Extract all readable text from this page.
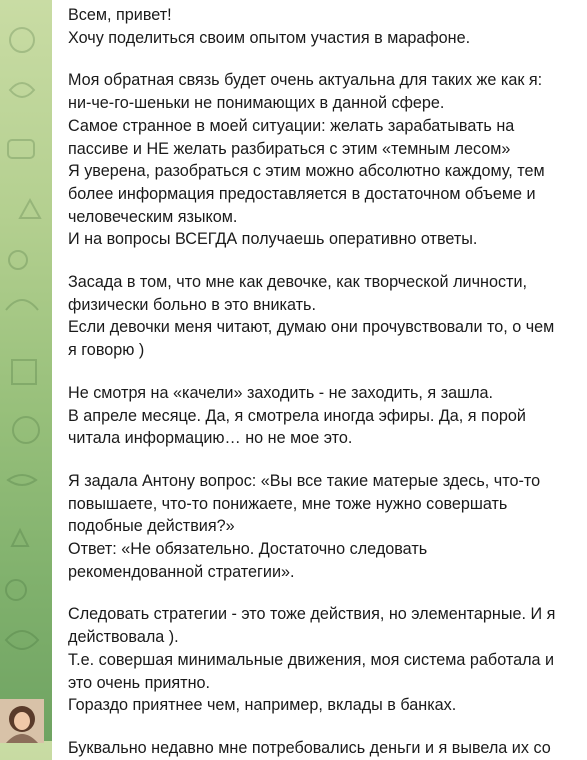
Всем, привет!
Хочу поделиться своим опытом участия в марафоне.
Моя обратная связь будет очень актуальна для таких же как я:
ни-че-го-шеньки не понимающих в данной сфере.
Самое странное в моей ситуации: желать зарабатывать на
пассиве и НЕ желать разбираться с этим «темным лесом»
Я уверена, разобраться с этим можно абсолютно каждому, тем
более информация предоставляется в достаточном объеме и
человеческим языком.
И на вопросы ВСЕГДА получаешь оперативно ответы.
Засада в том, что мне как девочке, как творческой личности,
физически больно в это вникать.
Если девочки меня читают, думаю они прочувствовали то, о чем
я говорю )
Не смотря на «качели» заходить - не заходить, я зашла.
В апреле месяце. Да, я смотрела иногда эфиры. Да, я порой
читала информацию… но не мое это.
Я задала Антону вопрос: «Вы все такие матерые здесь, что-то
повышаете, что-то понижаете, мне тоже нужно совершать
подобные действия?»
Ответ: «Не обязательно. Достаточно следовать
рекомендованной стратегии».
Следовать стратегии - это тоже действия, но элементарные. И я
действовала ).
Т.е. совершая минимальные движения, моя система работала и
это очень приятно.
Гораздо приятнее чем, например, вклады в банках.
Буквально недавно мне потребовались деньги и я вывела их со
